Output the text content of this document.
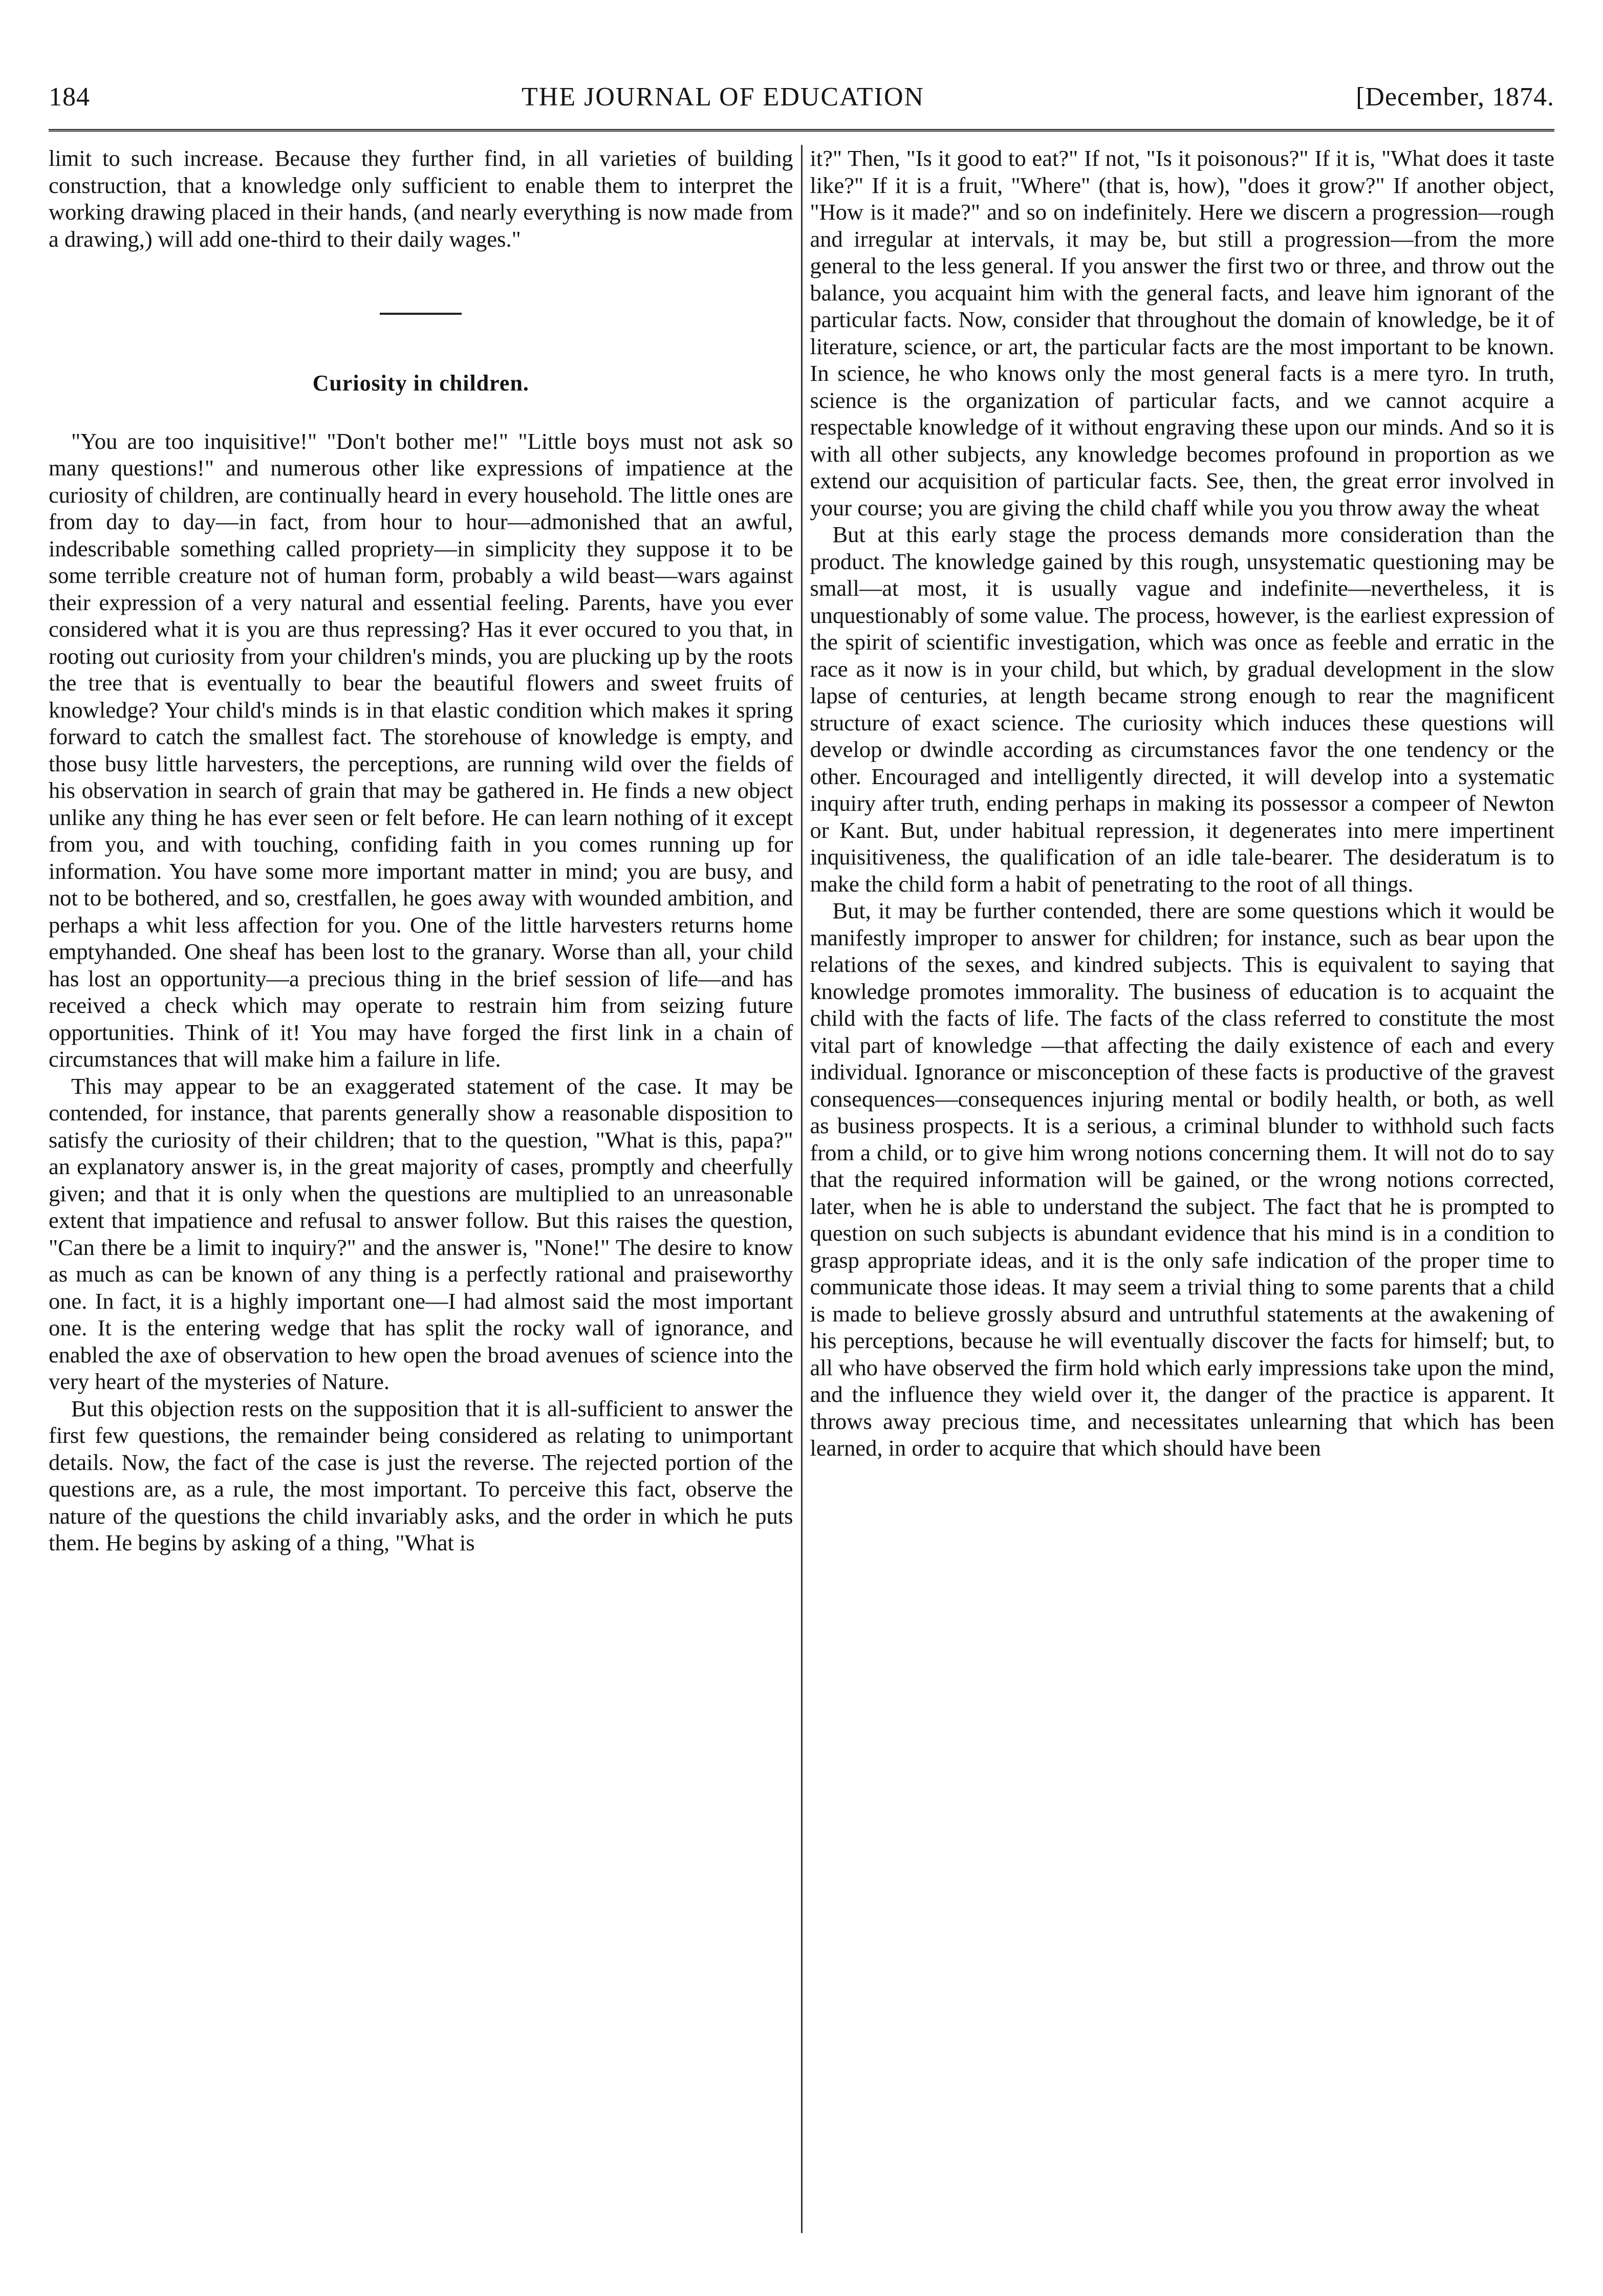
184	THE JOURNAL OF EDUCATION	[December, 1874.

limit to such increase. Because they further find, in all varieties of building construction, that a knowledge only sufficient to enable them to interpret the working drawing placed in their hands, (and nearly everything is now made from a drawing,) will add one-third to their daily wages."

Curiosity in children.

"You are too inquisitive!" "Don't bother me!" "Little boys must not ask so many questions!" and numerous other like expressions of impatience at the curiosity of children, are continually heard in every household. The little ones are from day to day—in fact, from hour to hour—admonished that an awful, indescribable something called propriety—in simplicity they suppose it to be some terrible creature not of human form, probably a wild beast—wars against their expression of a very natural and essential feeling. Parents, have you ever considered what it is you are thus repressing? Has it ever occured to you that, in rooting out curiosity from your children's minds, you are plucking up by the roots the tree that is eventually to bear the beautiful flowers and sweet fruits of knowledge? Your child's minds is in that elastic condition which makes it spring forward to catch the smallest fact. The storehouse of knowledge is empty, and those busy little harvesters, the perceptions, are running wild over the fields of his observation in search of grain that may be gathered in. He finds a new object unlike any thing he has ever seen or felt before. He can learn nothing of it except from you, and with touching, confiding faith in you comes running up for information. You have some more important matter in mind; you are busy, and not to be bothered, and so, crestfallen, he goes away with wounded ambition, and perhaps a whit less affection for you. One of the little harvesters returns home emptyhanded. One sheaf has been lost to the granary. Worse than all, your child has lost an opportunity—a precious thing in the brief session of life—and has received a check which may operate to restrain him from seizing future opportunities. Think of it! You may have forged the first link in a chain of circumstances that will make him a failure in life.

This may appear to be an exaggerated statement of the case. It may be contended, for instance, that parents generally show a reasonable disposition to satisfy the curiosity of their children; that to the question, "What is this, papa?" an explanatory answer is, in the great majority of cases, promptly and cheerfully given; and that it is only when the questions are multiplied to an unreasonable extent that impatience and refusal to answer follow. But this raises the question, "Can there be a limit to inquiry?" and the answer is, "None!" The desire to know as much as can be known of any thing is a perfectly rational and praiseworthy one. In fact, it is a highly important one—I had almost said the most important one. It is the entering wedge that has split the rocky wall of ignorance, and enabled the axe of observation to hew open the broad avenues of science into the very heart of the mysteries of Nature.

But this objection rests on the supposition that it is all-sufficient to answer the first few questions, the remainder being considered as relating to unimportant details. Now, the fact of the case is just the reverse. The rejected portion of the questions are, as a rule, the most important. To perceive this fact, observe the nature of the questions the child invariably asks, and the order in which he puts them. He begins by asking of a thing, "What is

it?" Then, "Is it good to eat?" If not, "Is it poisonous?" If it is, "What does it taste like?" If it is a fruit, "Where" (that is, how), "does it grow?" If another object, "How is it made?" and so on indefinitely. Here we discern a progression—rough and irregular at intervals, it may be, but still a progression—from the more general to the less general. If you answer the first two or three, and throw out the balance, you acquaint him with the general facts, and leave him ignorant of the particular facts. Now, consider that throughout the domain of knowledge, be it of literature, science, or art, the particular facts are the most important to be known. In science, he who knows only the most general facts is a mere tyro. In truth, science is the organization of particular facts, and we cannot acquire a respectable knowledge of it without engraving these upon our minds. And so it is with all other subjects, any knowledge becomes profound in proportion as we extend our acquisition of particular facts. See, then, the great error involved in your course; you are giving the child chaff while you you throw away the wheat

But at this early stage the process demands more consideration than the product. The knowledge gained by this rough, unsystematic questioning may be small—at most, it is usually vague and indefinite—nevertheless, it is unquestionably of some value. The process, however, is the earliest expression of the spirit of scientific investigation, which was once as feeble and erratic in the race as it now is in your child, but which, by gradual development in the slow lapse of centuries, at length became strong enough to rear the magnificent structure of exact science. The curiosity which induces these questions will develop or dwindle according as circumstances favor the one tendency or the other. Encouraged and intelligently directed, it will develop into a systematic inquiry after truth, ending perhaps in making its possessor a compeer of Newton or Kant. But, under habitual repression, it degenerates into mere impertinent inquisitiveness, the qualification of an idle tale-bearer. The desideratum is to make the child form a habit of penetrating to the root of all things.

But, it may be further contended, there are some questions which it would be manifestly improper to answer for children; for instance, such as bear upon the relations of the sexes, and kindred subjects. This is equivalent to saying that knowledge promotes immorality. The business of education is to acquaint the child with the facts of life. The facts of the class referred to constitute the most vital part of knowledge —that affecting the daily existence of each and every individual. Ignorance or misconception of these facts is productive of the gravest consequences—consequences injuring mental or bodily health, or both, as well as business prospects. It is a serious, a criminal blunder to withhold such facts from a child, or to give him wrong notions concerning them. It will not do to say that the required information will be gained, or the wrong notions corrected, later, when he is able to understand the subject. The fact that he is prompted to question on such subjects is abundant evidence that his mind is in a condition to grasp appropriate ideas, and it is the only safe indication of the proper time to communicate those ideas. It may seem a trivial thing to some parents that a child is made to believe grossly absurd and untruthful statements at the awakening of his perceptions, because he will eventually discover the facts for himself; but, to all who have observed the firm hold which early impressions take upon the mind, and the influence they wield over it, the danger of the practice is apparent. It throws away precious time, and necessitates unlearning that which has been learned, in order to acquire that which should have been
